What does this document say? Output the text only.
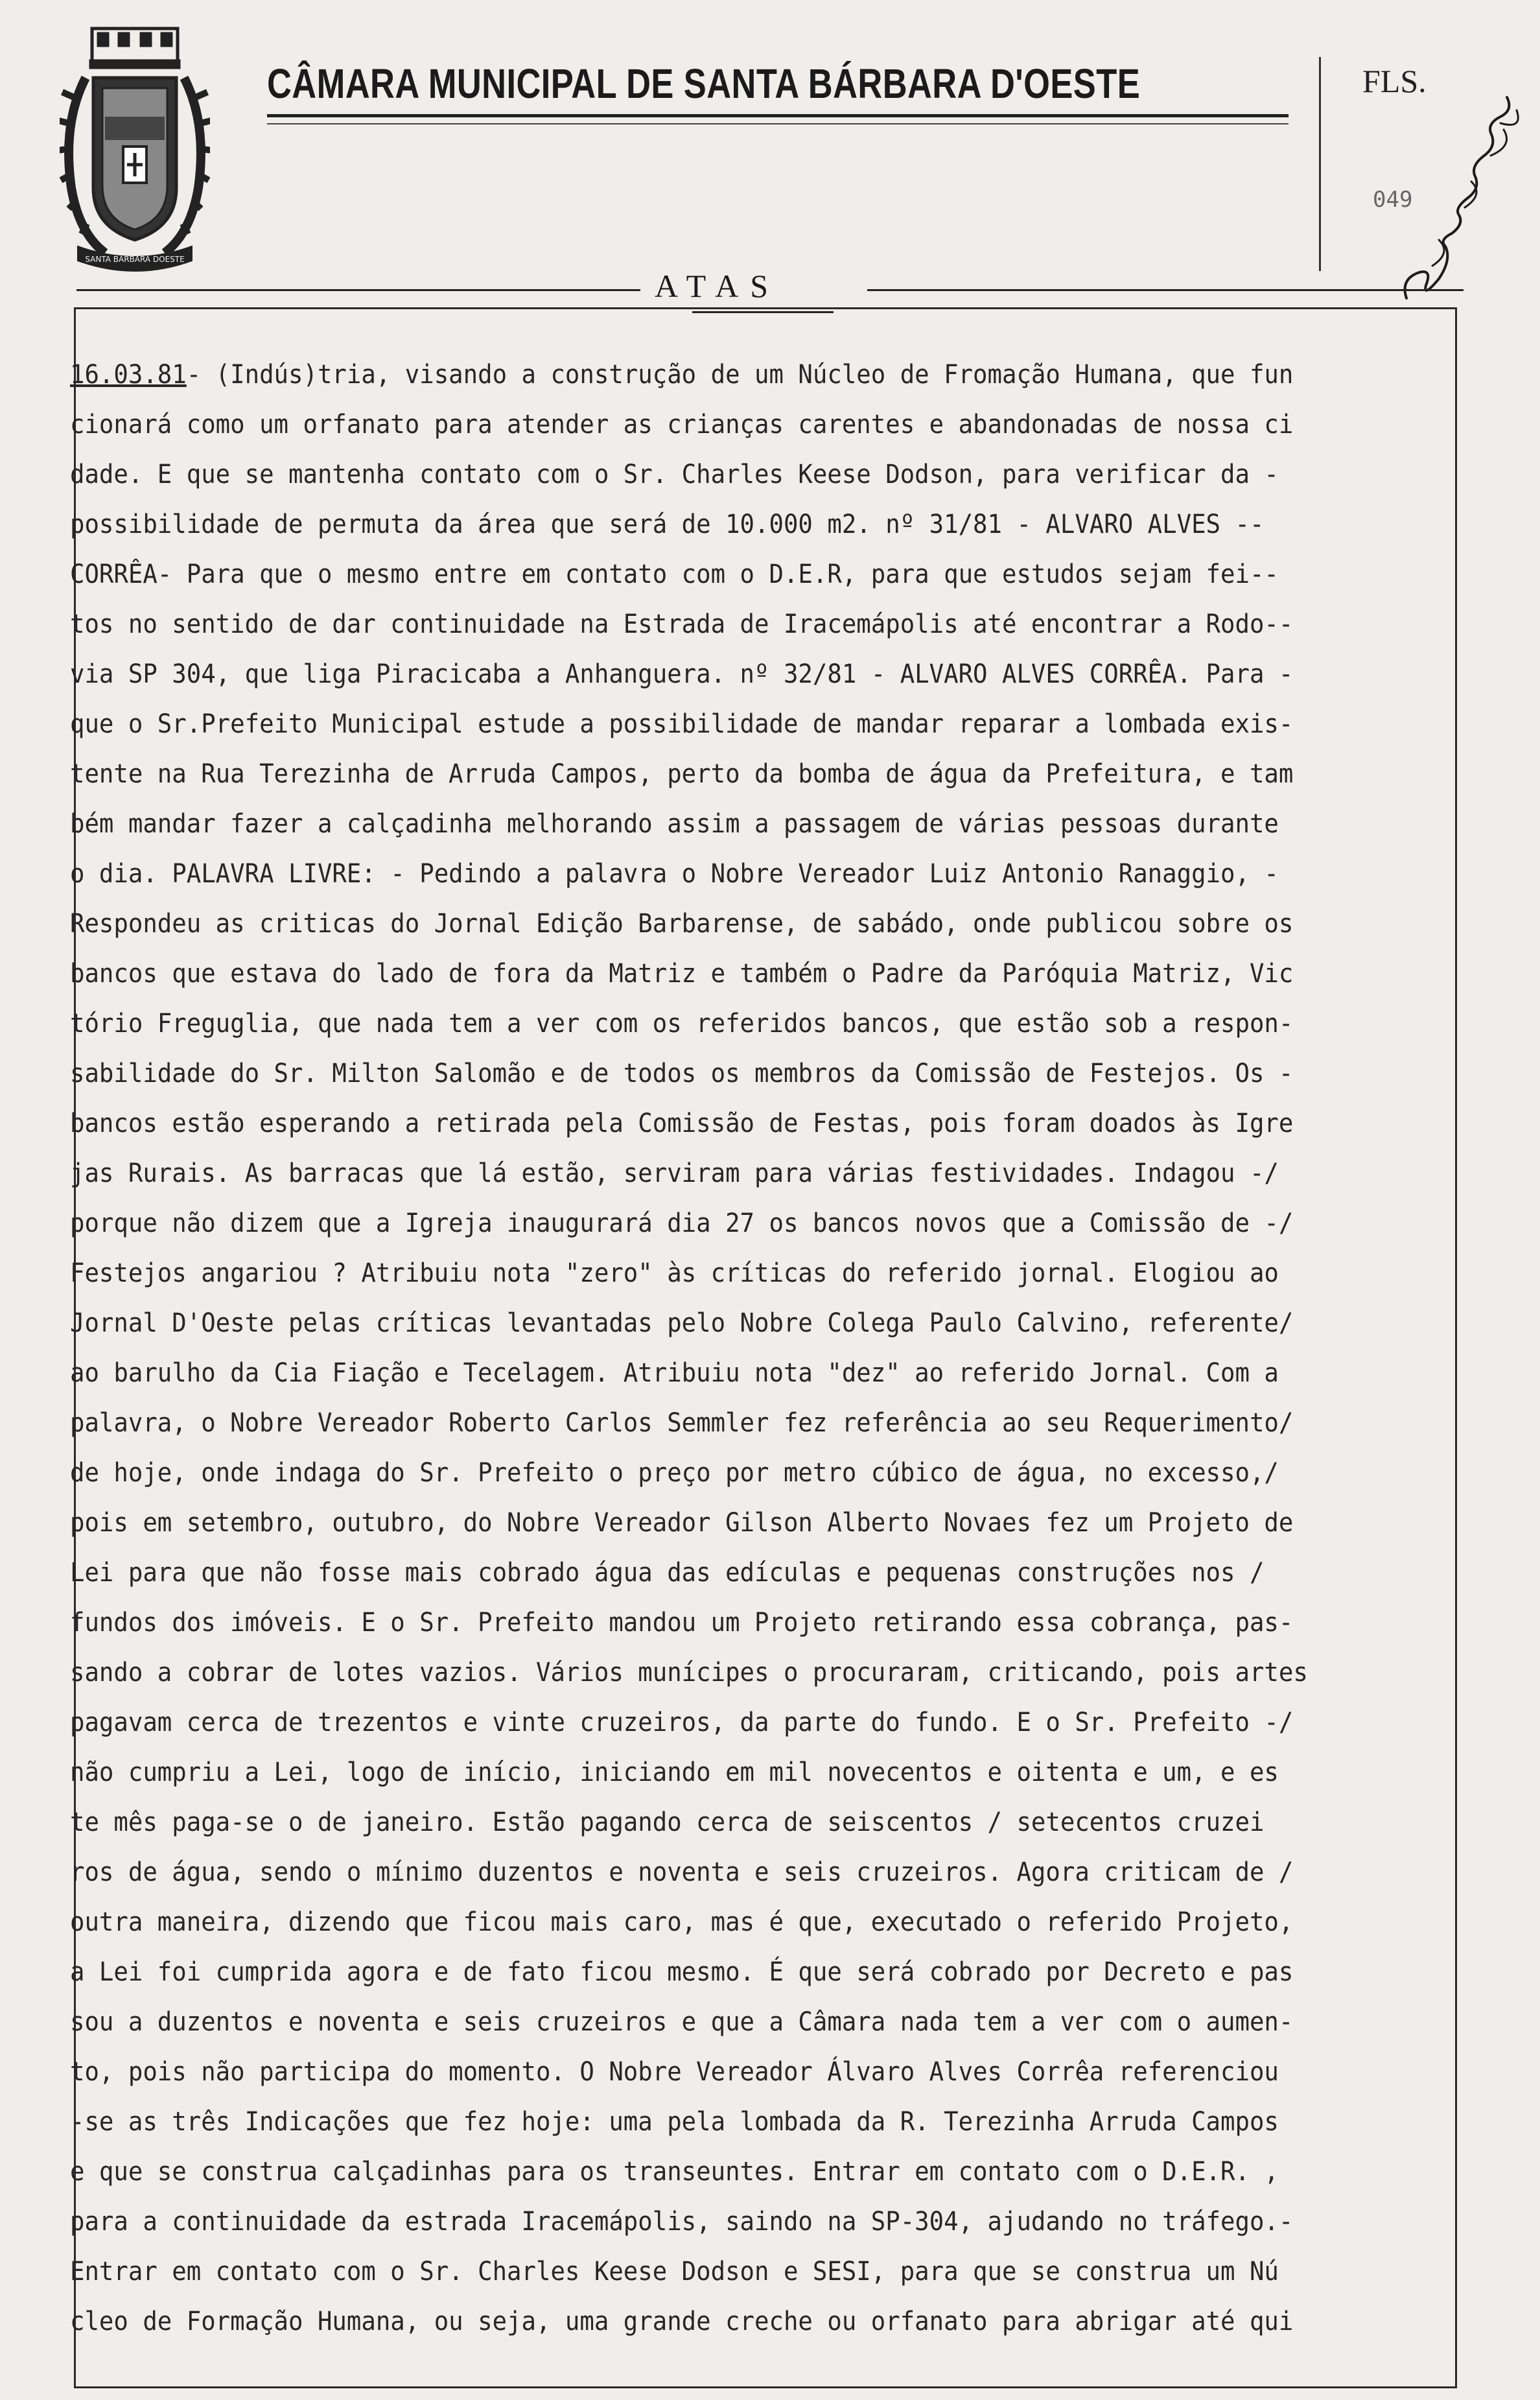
SANTA BARBARA DOESTE
CÂMARA MUNICIPAL DE SANTA BÁRBARA D'OESTE	FLS.
049
ATAS
16.03.81- (Indús)tria, visando a construção de um Núcleo de Fromação Humana, que fun
cionará como um orfanato para atender as crianças carentes e abandonadas de nossa ci
dade. E que se mantenha contato com o Sr. Charles Keese Dodson, para verificar da -
possibilidade de permuta da área que será de 10.000 m2. nº 31/81 - ALVARO ALVES --
CORRÊA- Para que o mesmo entre em contato com o D.E.R, para que estudos sejam fei--
tos no sentido de dar continuidade na Estrada de Iracemápolis até encontrar a Rodo--
via SP 304, que liga Piracicaba a Anhanguera. nº 32/81 - ALVARO ALVES CORRÊA. Para -
que o Sr.Prefeito Municipal estude a possibilidade de mandar reparar a lombada exis-
tente na Rua Terezinha de Arruda Campos, perto da bomba de água da Prefeitura, e tam
bém mandar fazer a calçadinha melhorando assim a passagem de várias pessoas durante
o dia. PALAVRA LIVRE: - Pedindo a palavra o Nobre Vereador Luiz Antonio Ranaggio, -
Respondeu as criticas do Jornal Edição Barbarense, de sabádo, onde publicou sobre os
bancos que estava do lado de fora da Matriz e também o Padre da Paróquia Matriz, Vic
tório Freguglia, que nada tem a ver com os referidos bancos, que estão sob a respon-
sabilidade do Sr. Milton Salomão e de todos os membros da Comissão de Festejos. Os -
bancos estão esperando a retirada pela Comissão de Festas, pois foram doados às Igre
jas Rurais. As barracas que lá estão, serviram para várias festividades. Indagou -/
porque não dizem que a Igreja inaugurará dia 27 os bancos novos que a Comissão de -/
Festejos angariou ? Atribuiu nota "zero" às críticas do referido jornal. Elogiou ao
Jornal D'Oeste pelas críticas levantadas pelo Nobre Colega Paulo Calvino, referente/
ao barulho da Cia Fiação e Tecelagem. Atribuiu nota "dez" ao referido Jornal. Com a
palavra, o Nobre Vereador Roberto Carlos Semmler fez referência ao seu Requerimento/
de hoje, onde indaga do Sr. Prefeito o preço por metro cúbico de água, no excesso,/
pois em setembro, outubro, do Nobre Vereador Gilson Alberto Novaes fez um Projeto de
Lei para que não fosse mais cobrado água das edículas e pequenas construções nos /
fundos dos imóveis. E o Sr. Prefeito mandou um Projeto retirando essa cobrança, pas-
sando a cobrar de lotes vazios. Vários munícipes o procuraram, criticando, pois artes
pagavam cerca de trezentos e vinte cruzeiros, da parte do fundo. E o Sr. Prefeito -/
não cumpriu a Lei, logo de início, iniciando em mil novecentos e oitenta e um, e es
te mês paga-se o de janeiro. Estão pagando cerca de seiscentos / setecentos cruzei
ros de água, sendo o mínimo duzentos e noventa e seis cruzeiros. Agora criticam de /
outra maneira, dizendo que ficou mais caro, mas é que, executado o referido Projeto,
a Lei foi cumprida agora e de fato ficou mesmo. É que será cobrado por Decreto e pas
sou a duzentos e noventa e seis cruzeiros e que a Câmara nada tem a ver com o aumen-
to, pois não participa do momento. O Nobre Vereador Álvaro Alves Corrêa referenciou
-se as três Indicações que fez hoje: uma pela lombada da R. Terezinha Arruda Campos
e que se construa calçadinhas para os transeuntes. Entrar em contato com o D.E.R. ,
para a continuidade da estrada Iracemápolis, saindo na SP-304, ajudando no tráfego.-
Entrar em contato com o Sr. Charles Keese Dodson e SESI, para que se construa um Nú
cleo de Formação Humana, ou seja, uma grande creche ou orfanato para abrigar até qui
